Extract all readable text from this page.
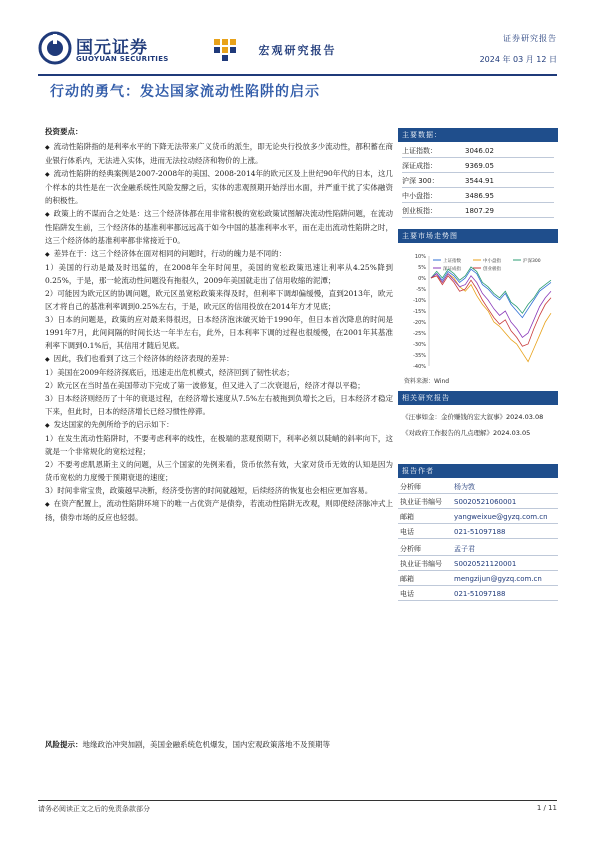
国元证券
GUOYUAN SECURITIES
宏观研究报告
证券研究报告
2024 年 03 月 12 日
行动的勇气：发达国家流动性陷阱的启示

投资要点：

◆ 流动性陷阱指的是利率水平的下降无法带来广义货币的派生，即无论央行投放多少流动性，都积蓄在商业银行体系内，无法进入实体，进而无法拉动经济和物价的上涨。

◆ 流动性陷阱的经典案例是2007-2008年的美国、2008-2014年的欧元区及上世纪90年代的日本，这几个样本的共性是在一次金融系统性风险发酵之后，实体的悲观预期开始浮出水面，并严重干扰了实体融资的积极性。

◆ 政策上的不谋而合之处是：这三个经济体都在用非常积极的宽松政策试图解决流动性陷阱问题，在流动性陷阱发生前，三个经济体的基准利率都远远高于如今中国的基准利率水平，而在走出流动性陷阱之时，这三个经济体的基准利率都非常接近于0。

◆ 差异在于：这三个经济体在面对相同的问题时，行动的魄力是不同的：

1）美国的行动是最及时迅猛的，在2008年全年时间里，美国的宽松政策迅速让利率从4.25%降到0.25%，于是，那一轮流动性问题没有拖很久，2009年美国就走出了信用收缩的泥潭；

2）可能因为欧元区的协调问题，欧元区虽宽松政策来得及时，但利率下调却偏缓慢，直到2013年，欧元区才将自己的基准利率调到0.25%左右，于是，欧元区的信用投放在2014年方才见底；

3）日本的问题是，政策的应对最来得很迟，日本经济泡沫破灭始于1990年，但日本首次降息的时间是1991年7月，此间间隔的时间长达一年半左右，此外，日本利率下调的过程也很缓慢，在2001年其基准利率下调到0.1%后，其信用才随后见底。

◆ 因此，我们也看到了这三个经济体的经济表现的差异：

1）美国在2009年经济探底后，迅速走出危机模式，经济回到了韧性状态；

2）欧元区在当时虽在美国带动下完成了第一波修复，但又进入了二次衰退后，经济才得以平稳；

3）日本经济则经历了十年的衰退过程，在经济增长速度从7.5%左右被拖到负增长之后，日本经济才稳定下来，但此时，日本的经济增长已经习惯性停滞。

◆ 发达国家的先例所给予的启示如下：

1）在发生流动性陷阱时，不要考虑利率的线性，在极端的悲观预期下，利率必须以陡峭的斜率向下，这就是一个非常规化的宽松过程；

2）不要考虑肌恩斯主义的问题，从三个国家的先例来看，货币依然有效，大家对货币无效的认知是因为货币宽松的力度慢于预期衰退的速度；

3）时间非常宝贵，政策越早决断，经济受伤害的时间就越短，后续经济的恢复也会相应更加容易。

◆ 在资产配置上，流动性陷阱环境下的唯一占优资产是债券，若流动性陷阱无改观，则即使经济脉冲式上扬，债券市场的反应也轻弱。

风险提示：地缘政治冲突加剧，美国金融系统危机爆发，国内宏观政策落地不及预期等
主要数据：
上证指数：	3046.02
深证成指：	9369.05
沪深 300：	3544.91
中小盘指：	3486.95
创业板指：	1807.29
主要市场走势图
10%
5%
0%
-5%
-10%
-15%
-20%
-25%
-30%
-35%
-40%
上证指数	中小盘指	沪深300
深证成指	创业板指
资料来源：Wind
相关研究报告
《汪事如金：金价赚钱的宏大叙事》2024.03.08
《对政府工作报告的几点理解》2024.03.05
报告作者
分析师	杨为敩
执业证书编号 S0020521060001
邮箱	yangweixue@gyzq.com.cn
电话	021-51097188
分析师	孟子君
执业证书编号 S0020521120001
邮箱	mengzijun@gyzq.com.cn
电话	021-51097188
请务必阅读正文之后的免责条款部分	1 / 11
